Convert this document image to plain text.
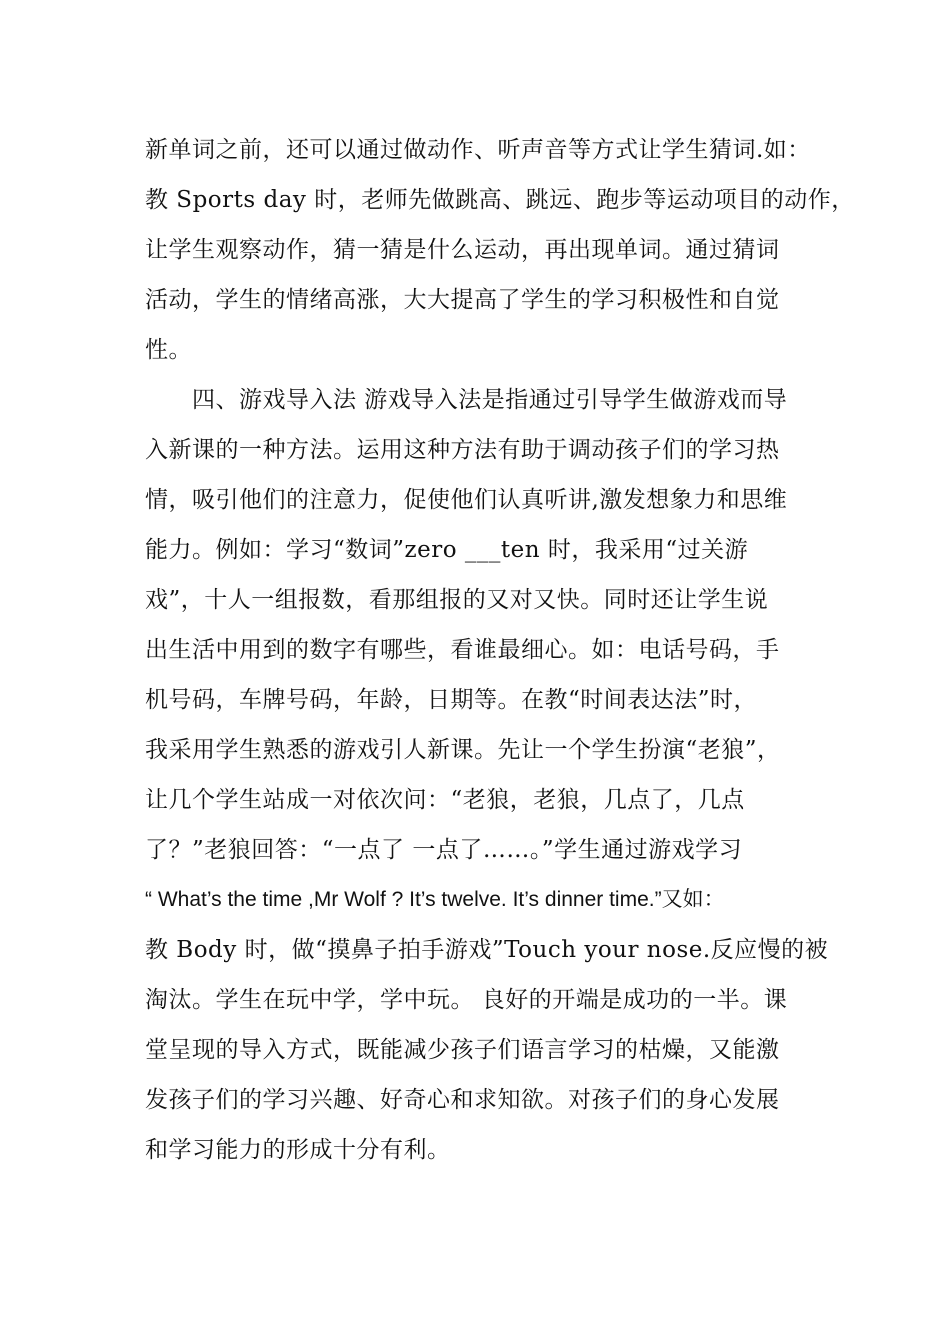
新单词之前，还可以通过做动作、听声音等方式让学生猜词.如：
教 Sports day 时，老师先做跳高、跳远、跑步等运动项目的动作，
让学生观察动作，猜一猜是什么运动，再出现单词。通过猜词
活动，学生的情绪高涨，大大提高了学生的学习积极性和自觉
性。
　　四、游戏导入法 游戏导入法是指通过引导学生做游戏而导
入新课的一种方法。运用这种方法有助于调动孩子们的学习热
情，吸引他们的注意力，促使他们认真听讲,激发想象力和思维
能力。例如：学习“数词”zero ___ten 时，我采用“过关游
戏”，十人一组报数，看那组报的又对又快。同时还让学生说
出生活中用到的数字有哪些，看谁最细心。如：电话号码，手
机号码，车牌号码，年龄，日期等。在教“时间表达法”时，
我采用学生熟悉的游戏引人新课。先让一个学生扮演“老狼”，
让几个学生站成一对依次问：“老狼，老狼，几点了，几点
了？”老狼回答：“一点了 一点了……。”学生通过游戏学习
“ What’s the time ,Mr Wolf ? It’s twelve. It’s dinner time.”又如：
教 Body 时，做“摸鼻子拍手游戏”Touch your nose.反应慢的被
淘汰。学生在玩中学，学中玩。 良好的开端是成功的一半。课
堂呈现的导入方式，既能减少孩子们语言学习的枯燥，又能激
发孩子们的学习兴趣、好奇心和求知欲。对孩子们的身心发展
和学习能力的形成十分有利。
